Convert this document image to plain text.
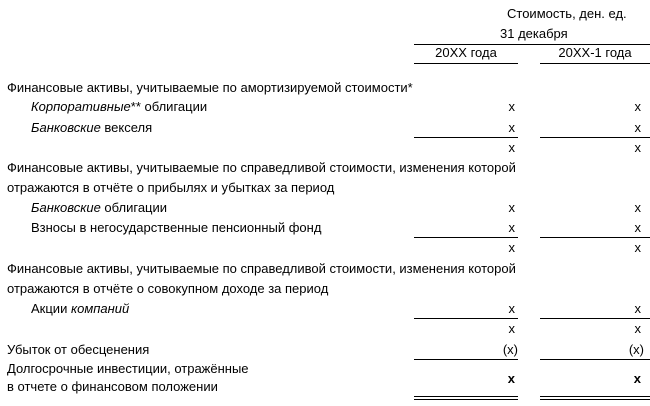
Стоимость, ден. ед.
31 декабря
20XX года	20XX-1 года
Финансовые активы, учитываемые по амортизируемой стоимости*
Корпоративные** облигации	x	x
Банковские векселя	x	x
x	x
Финансовые активы, учитываемые по справедливой стоимости, изменения которой
отражаются в отчёте о прибылях и убытках за период
Банковские облигации	x	x
Взносы в негосударственные пенсионный фонд	x	x
x	x
Финансовые активы, учитываемые по справедливой стоимости, изменения которой
отражаются в отчёте о совокупном доходе за период
Акции компаний	x	x
x	x
Убыток от обесценения	(x)	(x)
Долгосрочные инвестиции, отражённые
в отчете о финансовом положении
x	x
